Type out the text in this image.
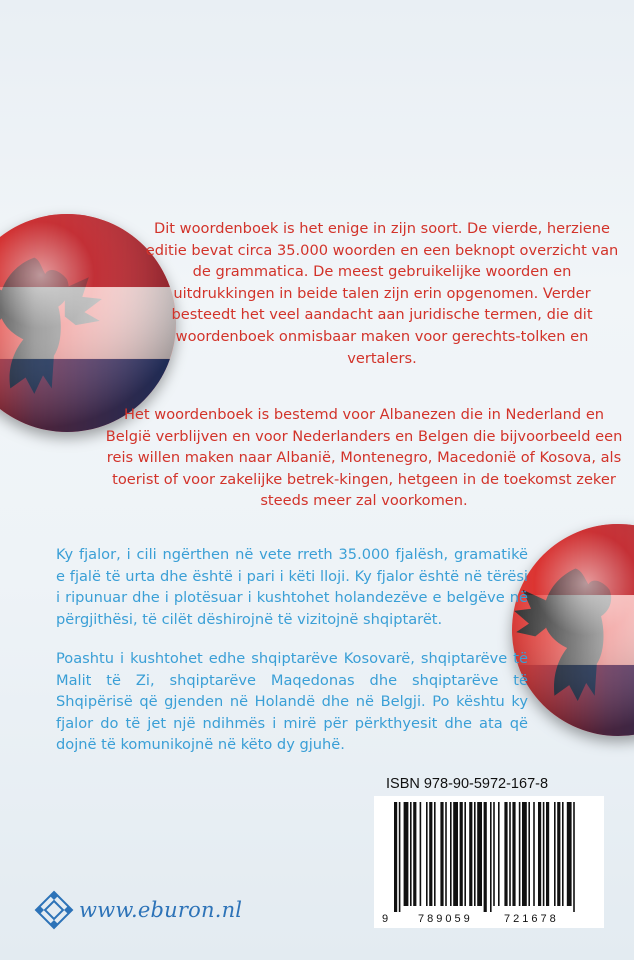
Dit woordenboek is het enige in zijn soort. De vierde, herziene editie bevat circa 35.000 woorden en een beknopt overzicht van de grammatica. De meest gebruikelijke woorden en uitdrukkingen in beide talen zijn erin opgenomen. Verder besteedt het veel aandacht aan juridische termen, die dit woordenboek onmisbaar maken voor gerechts-tolken en vertalers.

Het woordenboek is bestemd voor Albanezen die in Nederland en België verblijven en voor Nederlanders en Belgen die bijvoorbeeld een reis willen maken naar Albanië, Montenegro, Macedonië of Kosova, als toerist of voor zakelijke betrek-kingen, hetgeen in de toekomst zeker steeds meer zal voorkomen.

Ky fjalor, i cili ngërthen në vete rreth 35.000 fjalësh, gramatikë e fjalë të urta dhe është i pari i këti lloji. Ky fjalor është në tërësi i ripunuar dhe i plotësuar i kushtohet holandezëve e belgëve në përgjithësi, të cilët dëshirojnë të vizitojnë shqiptarët.

Poashtu i kushtohet edhe shqiptarëve Kosovarë, shqiptarëve të Malit të Zi, shqiptarëve Maqedonas dhe shqiptarëve të Shqipërisë që gjenden në Holandë dhe në Belgji. Po kështu ky fjalor do të jet një ndihmës i mirë për përkthyesit dhe ata që dojnë të komunikojnë në këto dy gjuhë.

ISBN 978-90-5972-167-8
9	789059	721678
www.eburon.nl
